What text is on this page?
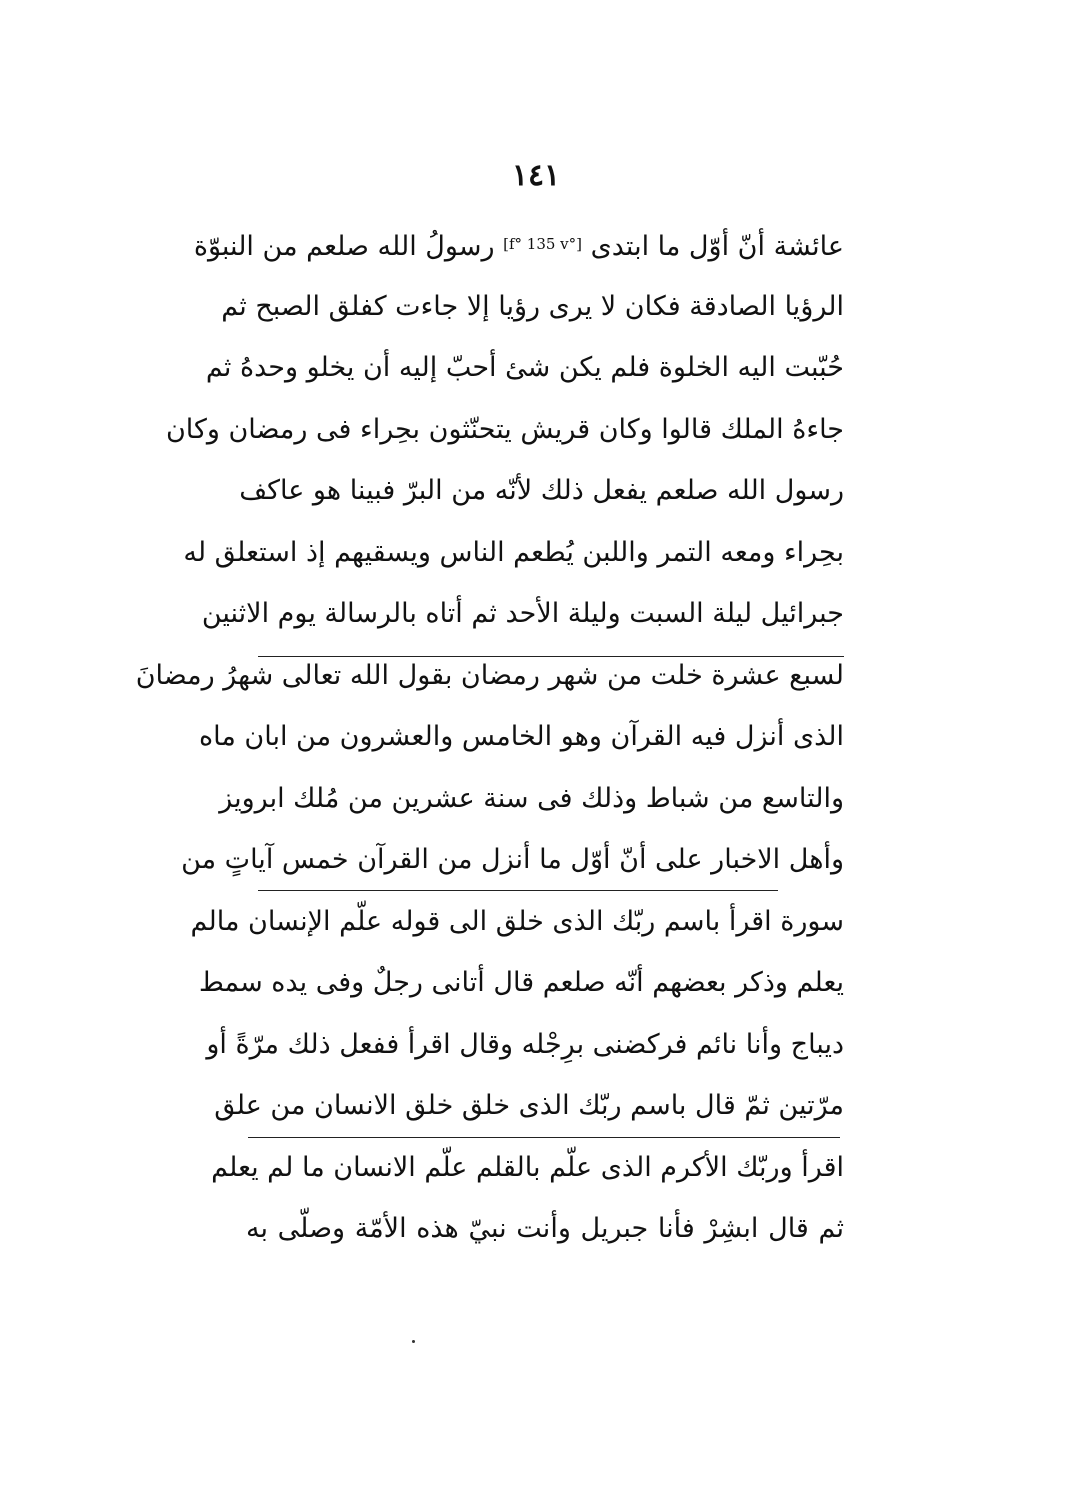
١٤١
عائشة أنّ أوّل ما ابتدى [f° 135 v°] رسولُ الله صلعم من النبوّة
الرؤيا الصادقة فكان لا يرى رؤيا إلا جاءت كفلق الصبح ثم
حُبّبت اليه الخلوة فلم يكن شئ أحبّ إليه أن يخلو وحدهُ ثم
جاءهُ الملك قالوا وكان قريش يتحنّثون بحِراء فى رمضان وكان
رسول الله صلعم يفعل ذلك لأنّه من البرّ فبينا هو عاكف
بحِراء ومعه التمر واللبن يُطعم الناس ويسقيهم إذ استعلق له
جبرائيل ليلة السبت وليلة الأحد ثم أتاه بالرسالة يوم الاثنين
لسبع عشرة خلت من شهر رمضان بقول الله تعالى شهرُ رمضانَ
الذى أنزل فيه القرآن وهو الخامس والعشرون من ابان ماه
والتاسع من شباط وذلك فى سنة عشرين من مُلك ابرويز
وأهل الاخبار على أنّ أوّل ما أنزل من القرآن خمس آياتٍ من
سورة اقرأ باسم ربّك الذى خلق الى قوله علّم الإنسان مالم
يعلم وذكر بعضهم أنّه صلعم قال أتانى رجلٌ وفى يده سمط
ديباج وأنا نائم فركضنى برِجْله وقال اقرأ ففعل ذلك مرّةً أو
مرّتين ثمّ قال باسم ربّك الذى خلق خلق الانسان من علق
اقرأ وربّك الأكرم الذى علّم بالقلم علّم الانسان ما لم يعلم
ثم قال ابشِرْ فأنا جبريل وأنت نبيّ هذه الأمّة وصلّى به
